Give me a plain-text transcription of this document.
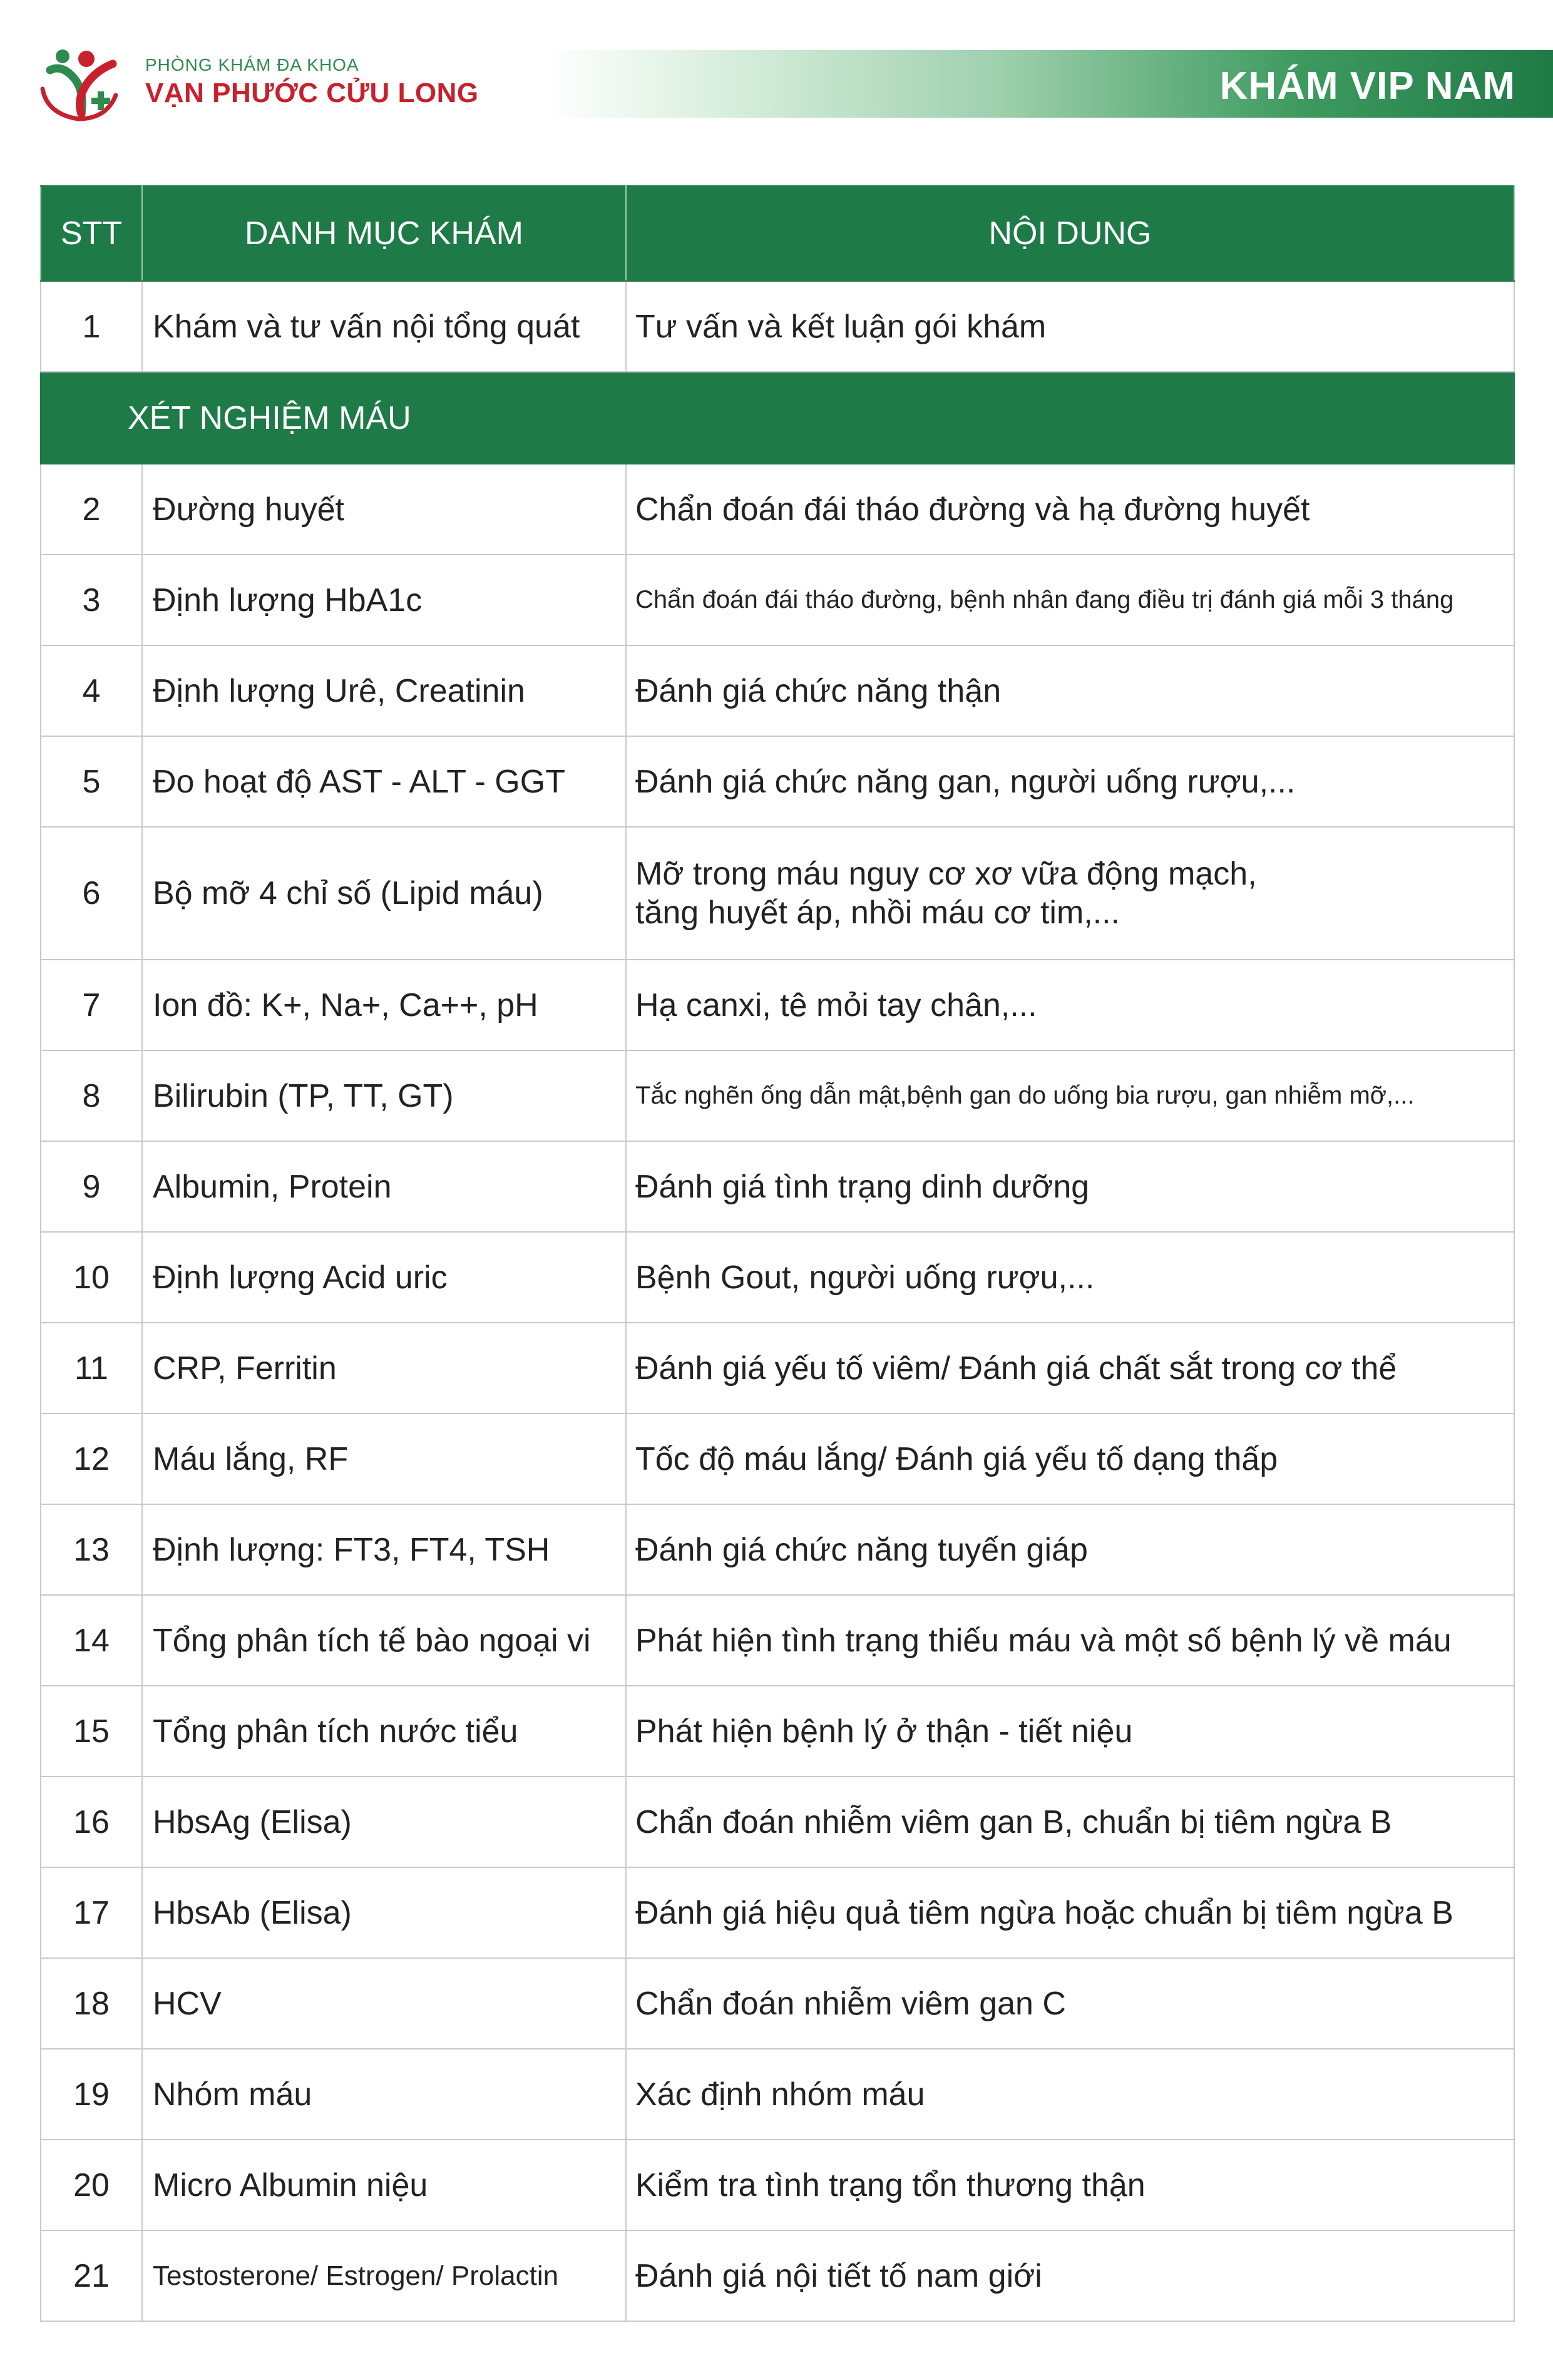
PHÒNG KHÁM ĐA KHOA
VẠN PHƯỚC CỬU LONG	KHÁM VIP NAM
STT	DANH MỤC KHÁM	NỘI DUNG
1	Khám và tư vấn nội tổng quát	Tư vấn và kết luận gói khám
XÉT NGHIỆM MÁU		
2	Đường huyết	Chẩn đoán đái tháo đường và hạ đường huyết
3	Định lượng HbA1c	Chẩn đoán đái tháo đường, bệnh nhân đang điều trị đánh giá mỗi 3 tháng
4	Định lượng Urê, Creatinin	Đánh giá chức năng thận
5	Đo hoạt độ AST - ALT - GGT	Đánh giá chức năng gan, người uống rượu,...
6	Bộ mỡ 4 chỉ số (Lipid máu)	Mỡ trong máu nguy cơ xơ vữa động mạch,
tăng huyết áp, nhồi máu cơ tim,...

7	Ion đồ: K+, Na+, Ca++, pH	Hạ canxi, tê mỏi tay chân,...
8	Bilirubin (TP, TT, GT)	Tắc nghẽn ống dẫn mật,bệnh gan do uống bia rượu, gan nhiễm mỡ,...
9	Albumin, Protein	Đánh giá tình trạng dinh dưỡng
10	Định lượng Acid uric	Bệnh Gout, người uống rượu,...
11	CRP, Ferritin	Đánh giá yếu tố viêm/ Đánh giá chất sắt trong cơ thể
12	Máu lắng, RF	Tốc độ máu lắng/ Đánh giá yếu tố dạng thấp
13	Định lượng: FT3, FT4, TSH	Đánh giá chức năng tuyến giáp
14	Tổng phân tích tế bào ngoại vi	Phát hiện tình trạng thiếu máu và một số bệnh lý về máu
15	Tổng phân tích nước tiểu	Phát hiện bệnh lý ở thận - tiết niệu
16	HbsAg (Elisa)	Chẩn đoán nhiễm viêm gan B, chuẩn bị tiêm ngừa B
17	HbsAb (Elisa)	Đánh giá hiệu quả tiêm ngừa hoặc chuẩn bị tiêm ngừa B
18	HCV	Chẩn đoán nhiễm viêm gan C
19	Nhóm máu	Xác định nhóm máu
20	Micro Albumin niệu	Kiểm tra tình trạng tổn thương thận
21	Testosterone/ Estrogen/ Prolactin	Đánh giá nội tiết tố nam giới
